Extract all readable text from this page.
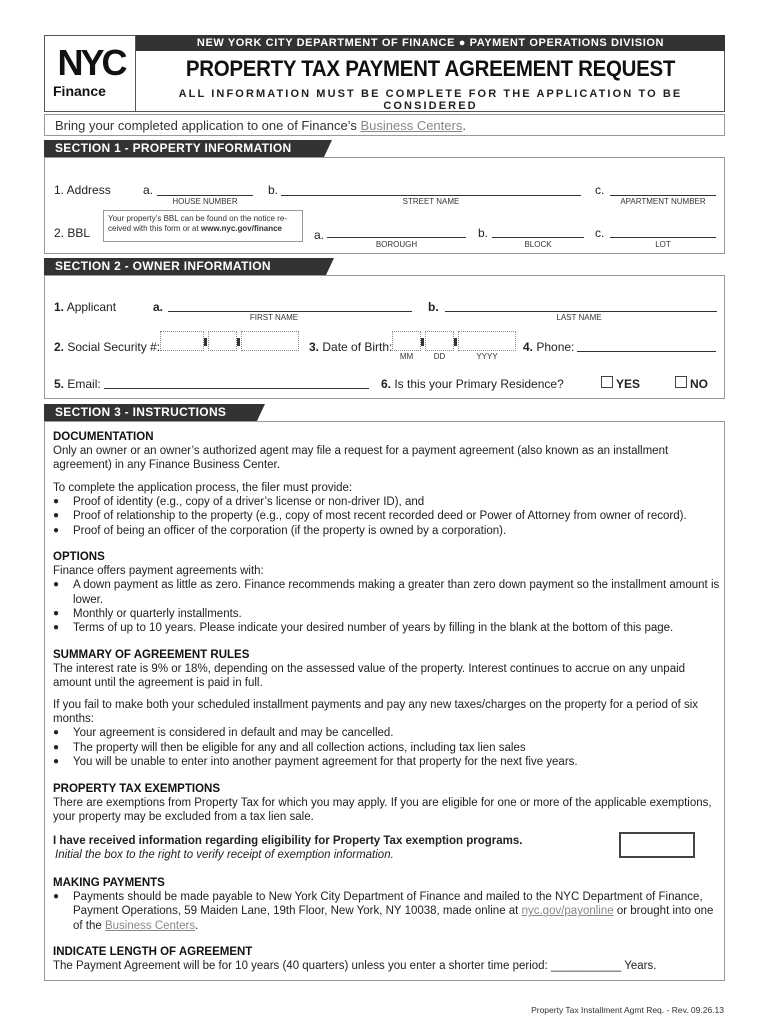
NYC
Finance
NEW YORK CITY DEPARTMENT OF FINANCE ● PAYMENT OPERATIONS DIVISION
PROPERTY TAX PAYMENT AGREEMENT REQUEST
ALL INFORMATION MUST BE COMPLETE FOR THE APPLICATION TO BE CONSIDERED
Bring your completed application to one of Finance’s Business Centers.
SECTION 1 - PROPERTY INFORMATION
1. Address	a.
HOUSE NUMBER
b.
STREET NAME
c.
APARTMENT NUMBER
Your property’s BBL can be found on the notice re-
ceived with this form or at www.nyc.gov/finance
2. BBL	a.
BOROUGH
b.
BLOCK
c.
LOT
SECTION 2 - OWNER INFORMATION
1. Applicant	a.
FIRST NAME
b.
LAST NAME
2. Social Security #:	3. Date of Birth:
MM	DD	YYYY
4. Phone:
5. Email:	6. Is this your Primary Residence?	YES	NO
SECTION 3 - INSTRUCTIONS
DOCUMENTATION

Only an owner or an owner’s authorized agent may file a request for a payment agreement (also known as an installment agreement) in any Finance Business Center.

To complete the application process, the filer must provide:

● Proof of identity (e.g., copy of a driver’s license or non-driver ID), and
● Proof of relationship to the property (e.g., copy of most recent recorded deed or Power of Attorney from owner of record).
● Proof of being an officer of the corporation (if the property is owned by a corporation).
OPTIONS

Finance offers payment agreements with:

● A down payment as little as zero. Finance recommends making a greater than zero down payment so the installment amount is lower.
● Monthly or quarterly installments.
● Terms of up to 10 years. Please indicate your desired number of years by filling in the blank at the bottom of this page.
SUMMARY OF AGREEMENT RULES

The interest rate is 9% or 18%, depending on the assessed value of the property. Interest continues to accrue on any unpaid amount until the agreement is paid in full.

If you fail to make both your scheduled installment payments and pay any new taxes/charges on the property for a period of six months:

● Your agreement is considered in default and may be cancelled.
● The property will then be eligible for any and all collection actions, including tax lien sales
● You will be unable to enter into another payment agreement for that property for the next five years.
PROPERTY TAX EXEMPTIONS

There are exemptions from Property Tax for which you may apply. If you are eligible for one or more of the applicable exemptions, your property may be excluded from a tax lien sale.

I have received information regarding eligibility for Property Tax exemption programs.

Initial the box to the right to verify receipt of exemption information.

MAKING PAYMENTS
● Payments should be made payable to New York City Department of Finance and mailed to the NYC Department of Finance, Payment Operations, 59 Maiden Lane, 19th Floor, New York, NY 10038, made online at nyc.gov/payonline or brought into one of the Business Centers.
INDICATE LENGTH OF AGREEMENT

The Payment Agreement will be for 10 years (40 quarters) unless you enter a shorter time period: ___________ Years.

Property Tax Installment Agmt Req. - Rev. 09.26.13
